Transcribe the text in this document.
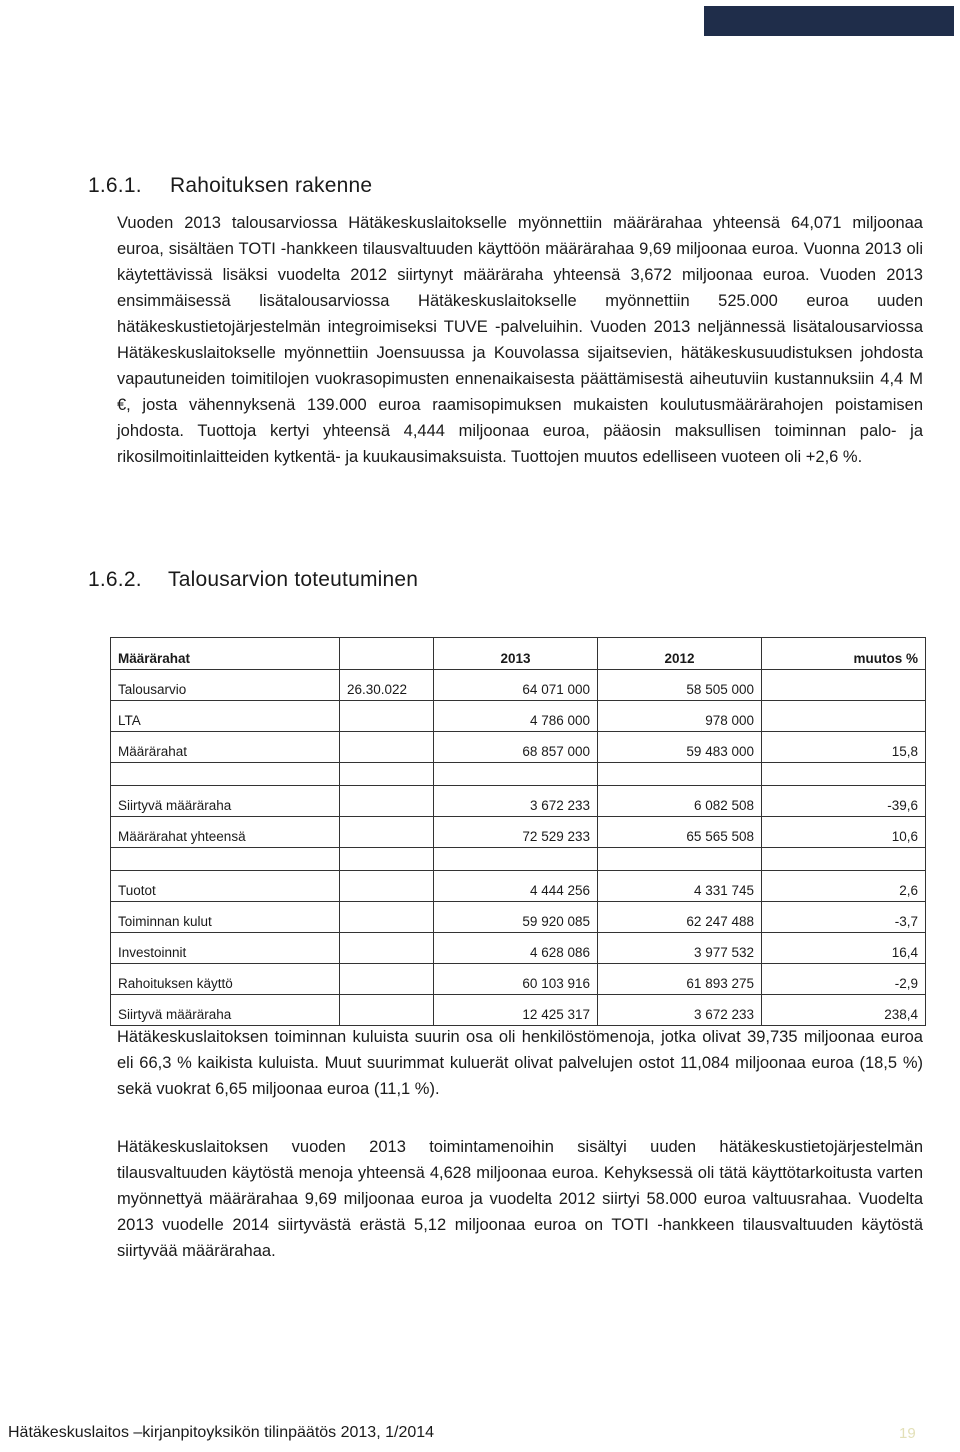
1.6.1. Rahoituksen rakenne

Vuoden 2013 talousarviossa Hätäkeskuslaitokselle myönnettiin määrärahaa yhteensä 64,071 miljoonaa euroa, sisältäen TOTI -hankkeen tilausvaltuuden käyttöön määrärahaa 9,69 miljoonaa euroa. Vuonna 2013 oli käytettävissä lisäksi vuodelta 2012 siirtynyt määräraha yhteensä 3,672 miljoonaa euroa. Vuoden 2013 ensimmäisessä lisätalousarviossa Hätäkeskuslaitokselle myönnettiin 525.000 euroa uuden hätäkeskustietojärjestelmän integroimiseksi TUVE -palveluihin. Vuoden 2013 neljännessä lisätalousarviossa Hätäkeskuslaitokselle myönnettiin Joensuussa ja Kouvolassa sijaitsevien, hätäkeskusuudistuksen johdosta vapautuneiden toimitilojen vuokrasopimusten ennenaikaisesta päättämisestä aiheutuviin kustannuksiin 4,4 M €, josta vähennyksenä 139.000 euroa raamisopimuksen mukaisten koulutusmäärärahojen poistamisen johdosta. Tuottoja kertyi yhteensä 4,444 miljoonaa euroa, pääosin maksullisen toiminnan palo- ja rikosilmoitinlaitteiden kytkentä- ja kuukausimaksuista. Tuottojen muutos edelliseen vuoteen oli +2,6 %.

1.6.2. Talousarvion toteutuminen
Määrärahat		2013	2012	muutos %
Talousarvio	26.30.022	64 071 000	58 505 000	
LTA		4 786 000	978 000	
Määrärahat		68 857 000	59 483 000	15,8

Siirtyvä määräraha		3 672 233	6 082 508	-39,6
Määrärahat yhteensä		72 529 233	65 565 508	10,6

Tuotot		4 444 256	4 331 745	2,6
Toiminnan kulut		59 920 085	62 247 488	-3,7
Investoinnit		4 628 086	3 977 532	16,4
Rahoituksen käyttö		60 103 916	61 893 275	-2,9
Siirtyvä määräraha		12 425 317	3 672 233	238,4

Hätäkeskuslaitoksen toiminnan kuluista suurin osa oli henkilöstömenoja, jotka olivat 39,735 miljoonaa euroa eli 66,3 % kaikista kuluista. Muut suurimmat kuluerät olivat palvelujen ostot 11,084 miljoonaa euroa (18,5 %) sekä vuokrat 6,65 miljoonaa euroa (11,1 %).

Hätäkeskuslaitoksen vuoden 2013 toimintamenoihin sisältyi uuden hätäkeskustietojärjestelmän tilausvaltuuden käytöstä menoja yhteensä 4,628 miljoonaa euroa. Kehyksessä oli tätä käyttötarkoitusta varten myönnettyä määrärahaa 9,69 miljoonaa euroa ja vuodelta 2012 siirtyi 58.000 euroa valtuusrahaa. Vuodelta 2013 vuodelle 2014 siirtyvästä erästä 5,12 miljoonaa euroa on TOTI -hankkeen tilausvaltuuden käytöstä siirtyvää määrärahaa.

Hätäkeskuslaitos –kirjanpitoyksikön tilinpäätös 2013, 1/2014	19
